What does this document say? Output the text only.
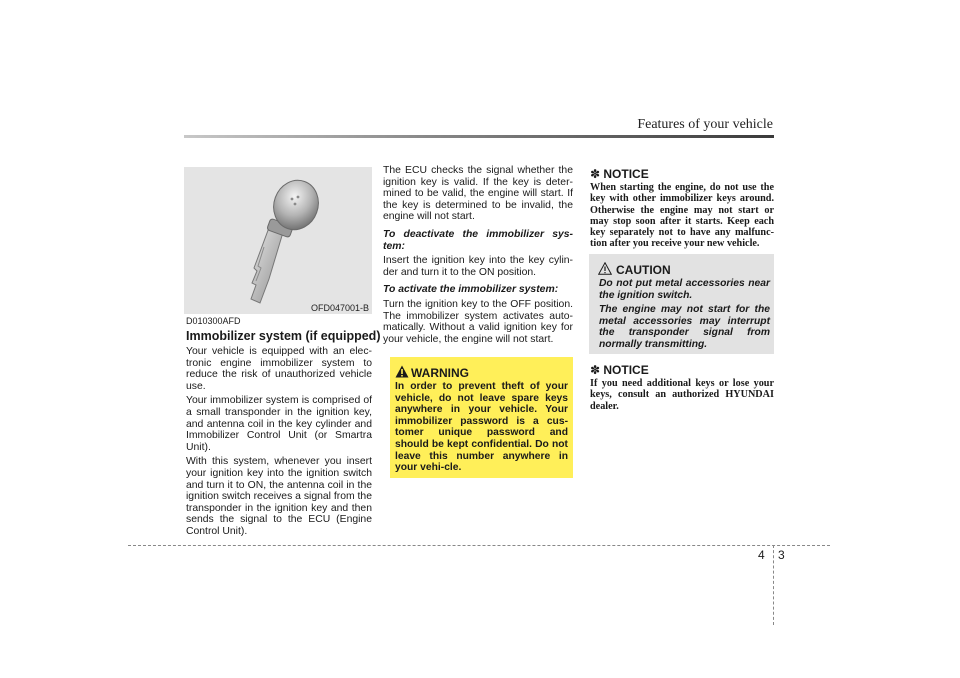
Features of your vehicle
OFD047001-B
D010300AFD
Immobilizer system (if equipped)

Your vehicle is equipped with an elec-tronic engine immobilizer system to reduce the risk of unauthorized vehicle use.

Your immobilizer system is comprised of a small transponder in the ignition key, and antenna coil in the key cylinder and Immobilizer Control Unit (or Smartra Unit).

With this system, whenever you insert your ignition key into the ignition switch and turn it to ON, the antenna coil in the ignition switch receives a signal from the transponder in the ignition key and then sends the signal to the ECU (Engine Control Unit).

The ECU checks the signal whether the ignition key is valid. If the key is deter-mined to be valid, the engine will start. If the key is determined to be invalid, the engine will not start.

To deactivate the immobilizer sys-tem:

Insert the ignition key into the key cylin-der and turn it to the ON position.

To activate the immobilizer system:

Turn the ignition key to the OFF position. The immobilizer system activates auto-matically. Without a valid ignition key for your vehicle, the engine will not start.

WARNING
In order to prevent theft of your vehicle, do not leave spare keys anywhere in your vehicle. Your immobilizer password is a cus-tomer unique password and should be kept confidential. Do not leave this number anywhere in your vehi-cle.
✽ NOTICE
When starting the engine, do not use the key with other immobilizer keys around. Otherwise the engine may not start or may stop soon after it starts. Keep each key separately not to have any malfunc-tion after you receive your new vehicle.
CAUTION
Do not put metal accessories near the ignition switch.
The engine may not start for the metal accessories may interrupt the transponder signal from normally transmitting.
✽ NOTICE
If you need additional keys or lose your keys, consult an authorized HYUNDAI dealer.
4 3
